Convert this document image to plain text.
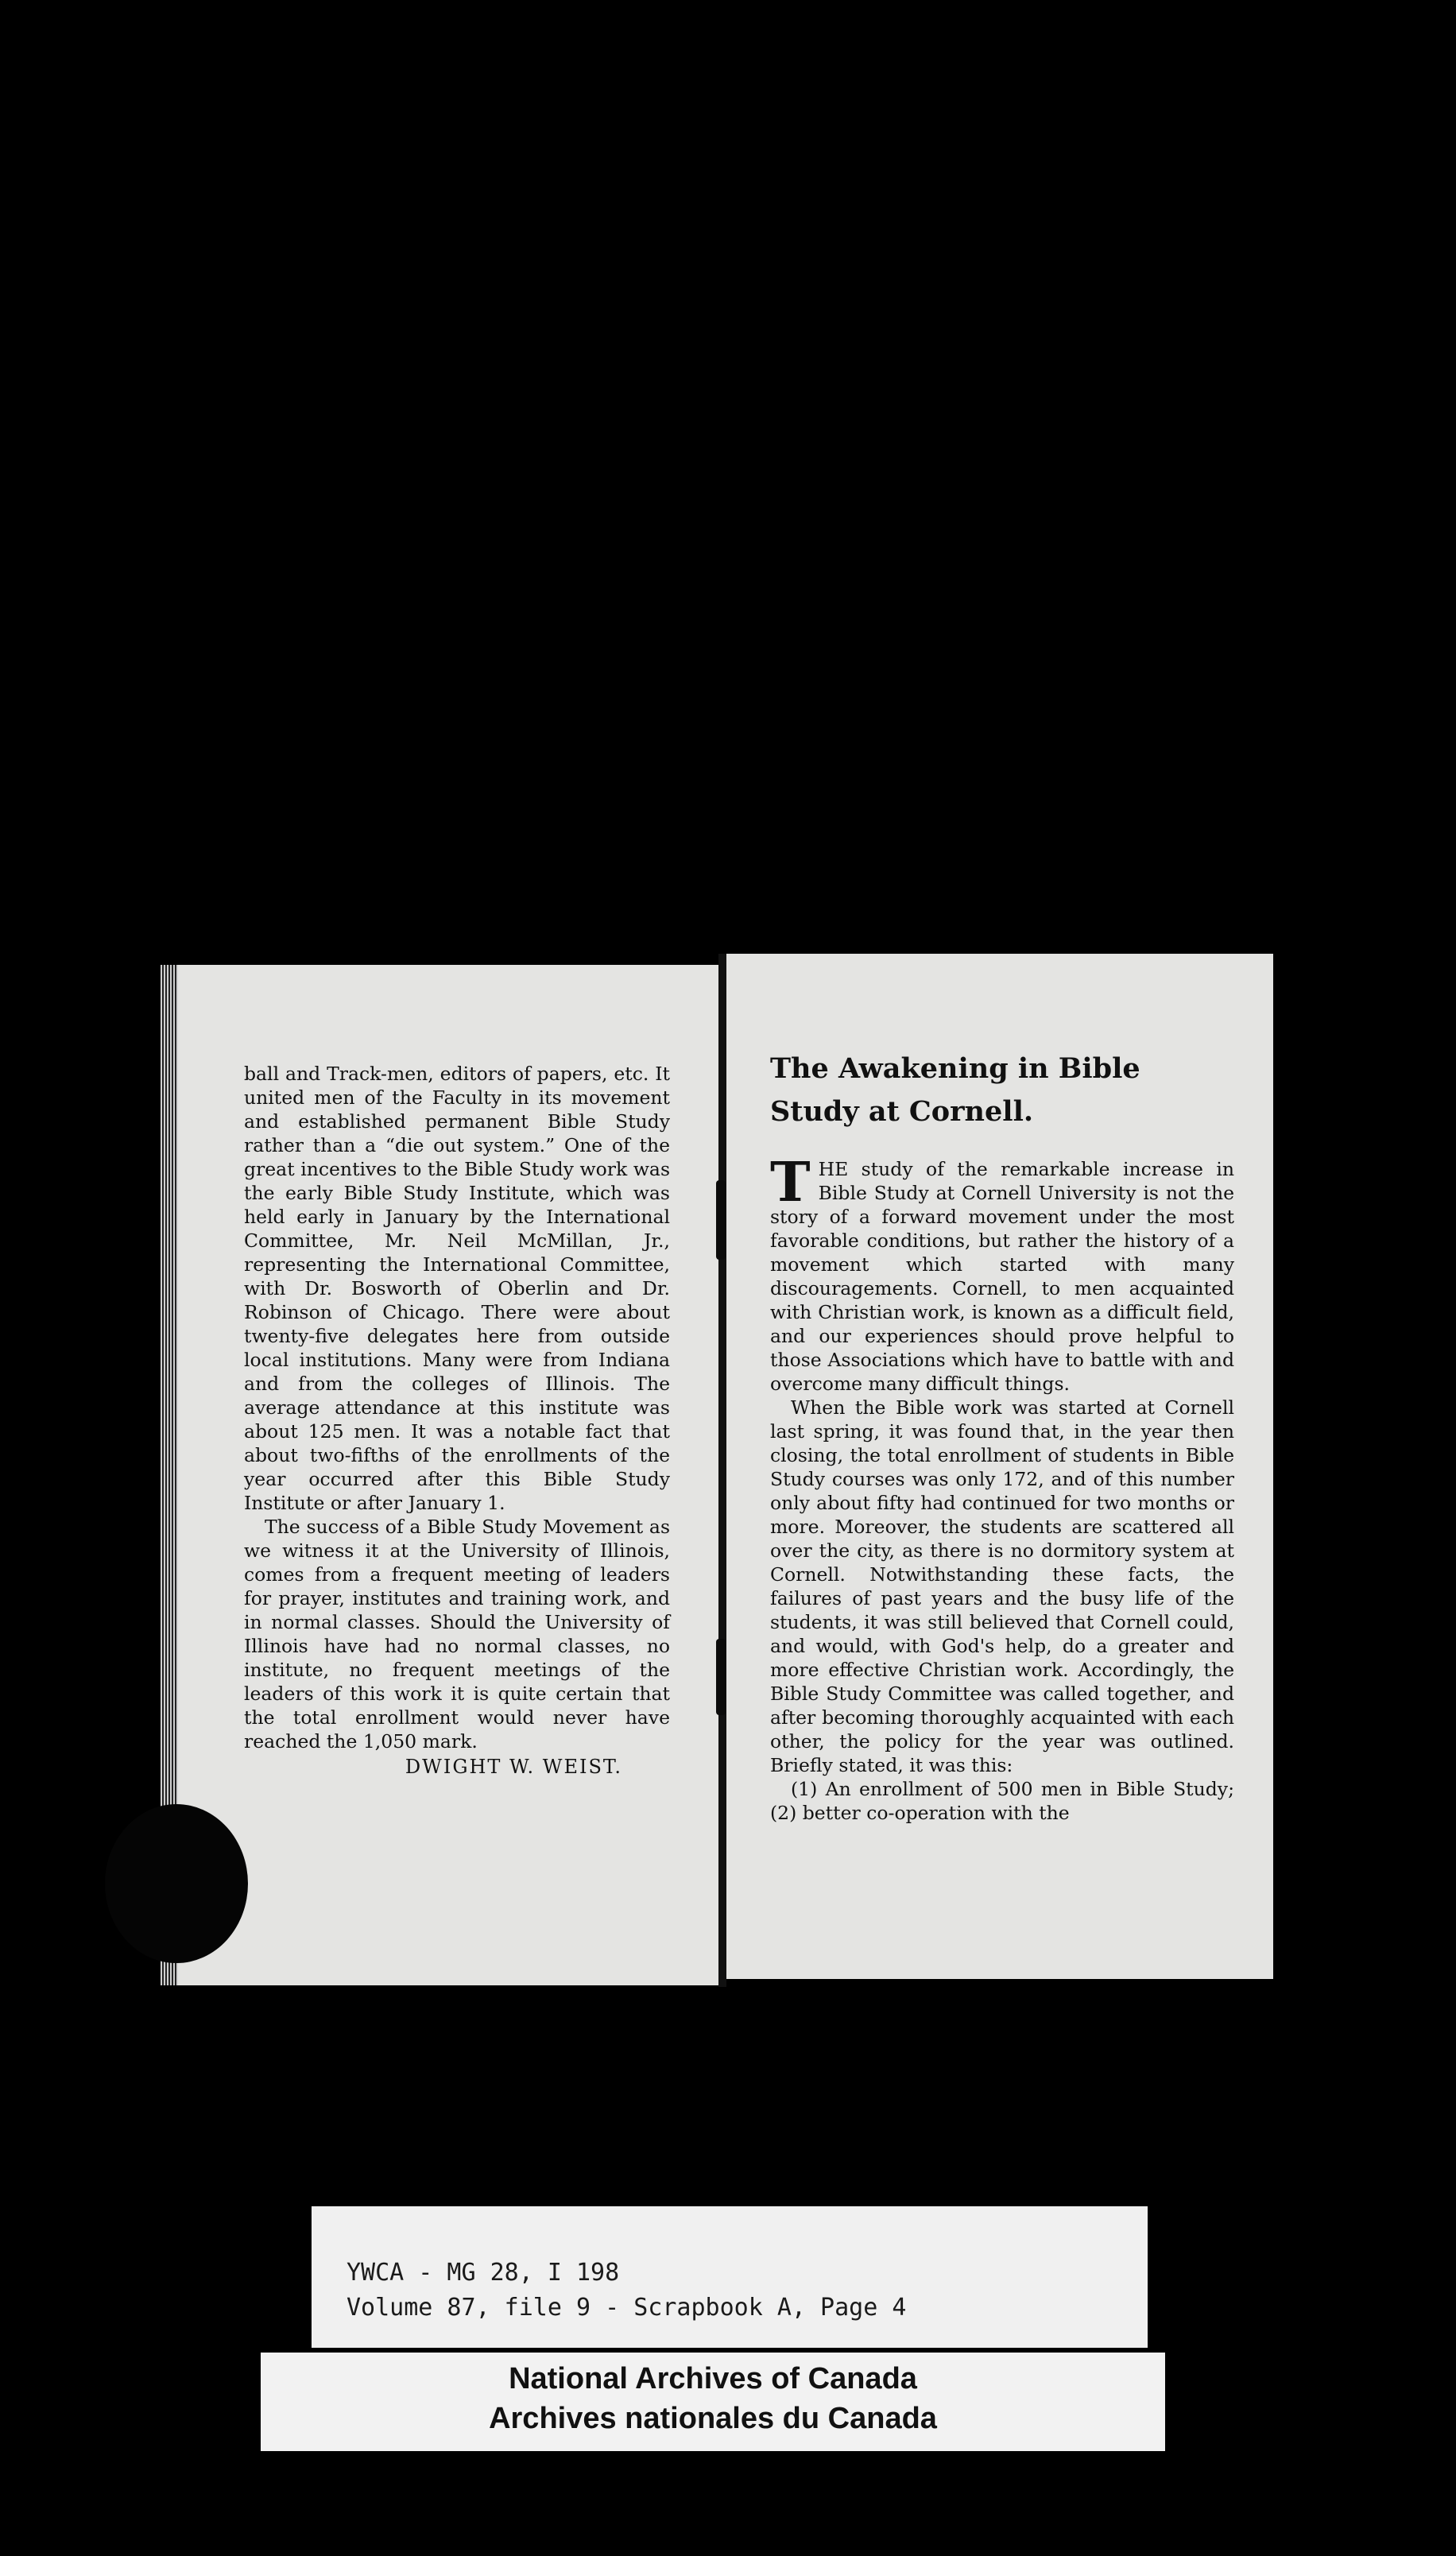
ball and Track-men, editors of papers, etc. It united men of the Faculty in its movement and established permanent Bible Study rather than a “die out system.” One of the great incentives to the Bible Study work was the early Bible Study Institute, which was held early in January by the International Committee, Mr. Neil McMillan, Jr., representing the International Committee, with Dr. Bosworth of Oberlin and Dr. Robinson of Chicago. There were about twenty-five delegates here from outside local institutions. Many were from Indiana and from the colleges of Illinois. The average attendance at this institute was about 125 men. It was a notable fact that about two-fifths of the enrollments of the year occurred after this Bible Study Institute or after January 1.

The success of a Bible Study Movement as we witness it at the University of Illinois, comes from a frequent meeting of leaders for prayer, institutes and training work, and in normal classes. Should the University of Illinois have had no normal classes, no institute, no frequent meetings of the leaders of this work it is quite certain that the total enrollment would never have reached the 1,050 mark.

DWIGHT W. WEIST.
The Awakening in Bible Study at Cornell.

THE study of the remarkable increase in Bible Study at Cornell University is not the story of a forward movement under the most favorable conditions, but rather the history of a movement which started with many discouragements. Cornell, to men acquainted with Christian work, is known as a difficult field, and our experiences should prove helpful to those Associations which have to battle with and overcome many difficult things.

When the Bible work was started at Cornell last spring, it was found that, in the year then closing, the total enrollment of students in Bible Study courses was only 172, and of this number only about fifty had continued for two months or more. Moreover, the students are scattered all over the city, as there is no dormitory system at Cornell. Notwithstanding these facts, the failures of past years and the busy life of the students, it was still believed that Cornell could, and would, with God's help, do a greater and more effective Christian work. Accordingly, the Bible Study Committee was called together, and after becoming thoroughly acquainted with each other, the policy for the year was outlined. Briefly stated, it was this:

(1) An enrollment of 500 men in Bible Study; (2) better co-operation with the

YWCA - MG 28, I 198
Volume 87, file 9 - Scrapbook A, Page 4
National Archives of Canada
Archives nationales du Canada
